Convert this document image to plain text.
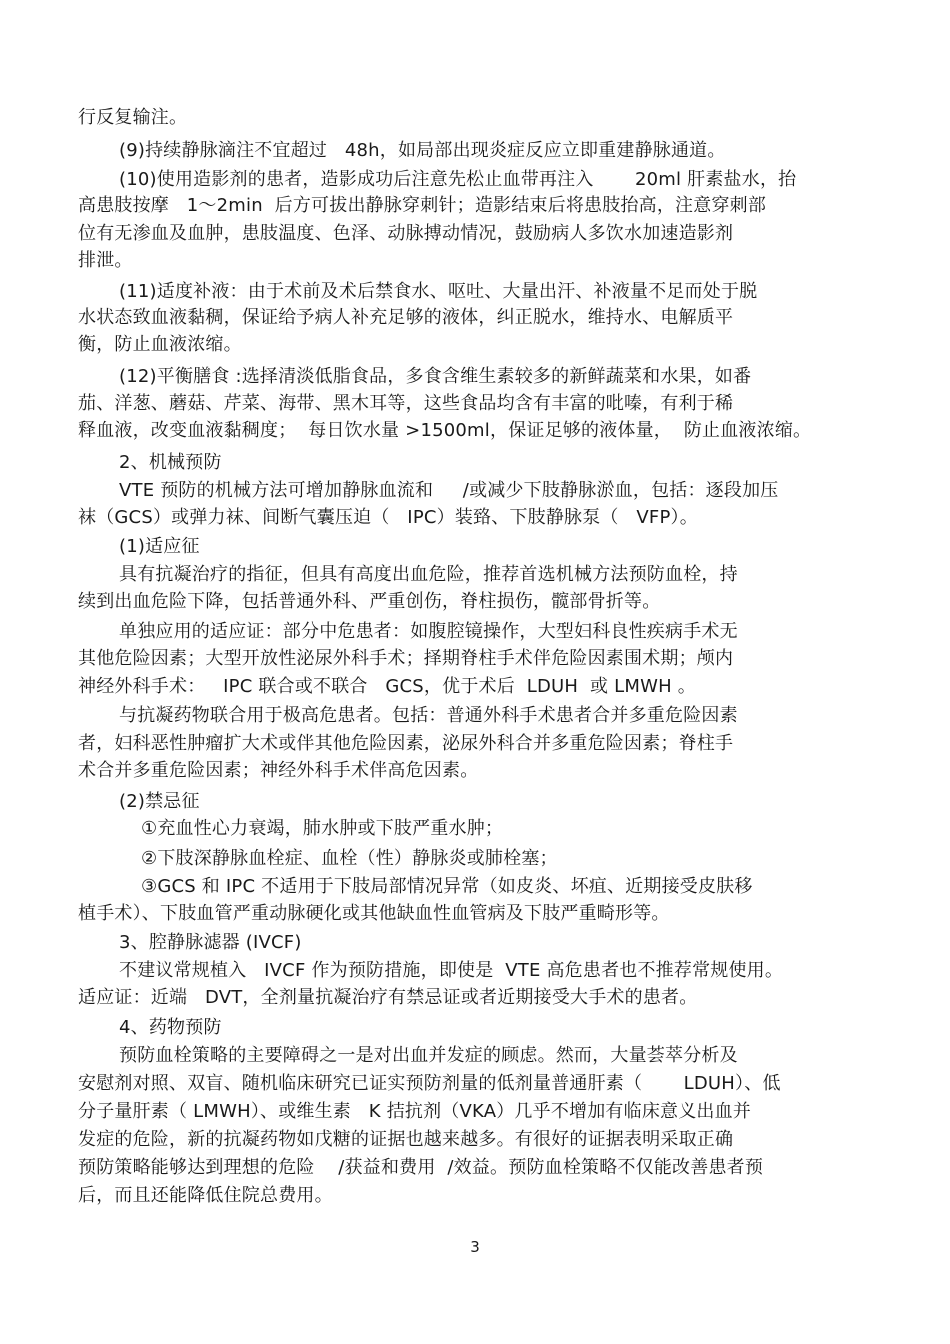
行反复输注。
(9)持续静脉滴注不宜超过   48h，如局部出现炎症反应立即重建静脉通道。
(10)使用造影剂的患者，造影成功后注意先松止血带再注入       20ml 肝素盐水，抬
高患肢按摩   1～2min  后方可拔出静脉穿刺针；造影结束后将患肢抬高，注意穿刺部
位有无渗血及血肿，患肢温度、色泽、动脉搏动情况，鼓励病人多饮水加速造影剂
排泄。
(11)适度补液：由于术前及术后禁食水、呕吐、大量出汗、补液量不足而处于脱
水状态致血液黏稠，保证给予病人补充足够的液体，纠正脱水，维持水、电解质平
衡，防止血液浓缩。
(12)平衡膳食 :选择清淡低脂食品，多食含维生素较多的新鲜蔬菜和水果，如番
茄、洋葱、蘑菇、芹菜、海带、黑木耳等，这些食品均含有丰富的吡嗪，有利于稀
释血液，改变血液黏稠度；  每日饮水量 >1500ml，保证足够的液体量，  防止血液浓缩。
2、机械预防
VTE 预防的机械方法可增加静脉血流和     /或减少下肢静脉淤血，包括：逐段加压
袜（GCS）或弹力袜、间断气囊压迫（   IPC）装臵、下肢静脉泵（   VFP）。
(1)适应征
具有抗凝治疗的指征，但具有高度出血危险，推荐首选机械方法预防血栓，持
续到出血危险下降，包括普通外科、严重创伤，脊柱损伤，髋部骨折等。
单独应用的适应证：部分中危患者：如腹腔镜操作，大型妇科良性疾病手术无
其他危险因素；大型开放性泌尿外科手术；择期脊柱手术伴危险因素围术期；颅内
神经外科手术：   IPC 联合或不联合   GCS，优于术后  LDUH  或 LMWH 。
与抗凝药物联合用于极高危患者。包括：普通外科手术患者合并多重危险因素
者，妇科恶性肿瘤扩大术或伴其他危险因素，泌尿外科合并多重危险因素；脊柱手
术合并多重危险因素；神经外科手术伴高危因素。
(2)禁忌征
①充血性心力衰竭，肺水肿或下肢严重水肿；
②下肢深静脉血栓症、血栓（性）静脉炎或肺栓塞；
③GCS 和 IPC 不适用于下肢局部情况异常（如皮炎、坏疽、近期接受皮肤移
植手术）、下肢血管严重动脉硬化或其他缺血性血管病及下肢严重畸形等。
3、腔静脉滤器 (IVCF)
不建议常规植入   IVCF 作为预防措施，即使是  VTE 高危患者也不推荐常规使用。
适应证：近端   DVT，全剂量抗凝治疗有禁忌证或者近期接受大手术的患者。
4、药物预防
预防血栓策略的主要障碍之一是对出血并发症的顾虑。然而，大量荟萃分析及
安慰剂对照、双盲、随机临床研究已证实预防剂量的低剂量普通肝素（       LDUH）、低
分子量肝素（ LMWH）、或维生素   K 拮抗剂（VKA）几乎不增加有临床意义出血并
发症的危险，新的抗凝药物如戊糖的证据也越来越多。有很好的证据表明采取正确
预防策略能够达到理想的危险    /获益和费用  /效益。预防血栓策略不仅能改善患者预
后，而且还能降低住院总费用。
3
